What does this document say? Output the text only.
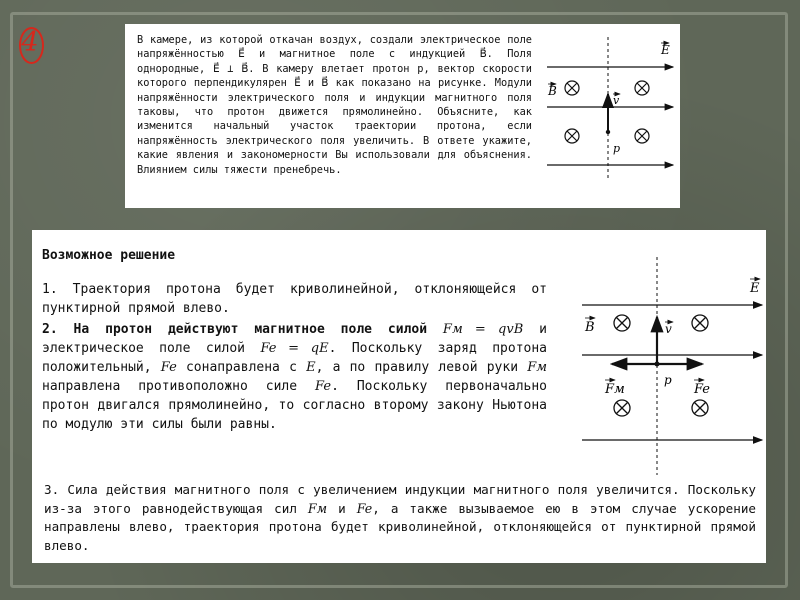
4	В камере, из которой откачан воздух, создали электрическое поле напряжённостью E⃗ и магнитное поле с индукцией B⃗. Поля однородные, E⃗ ⊥ B⃗. В камеру влетает протон p, вектор скорости которого перпендикулярен E⃗ и B⃗ как показано на рисунке. Модули напряжённости электрического поля и индукции магнитного поля таковы, что протон движется прямолинейно. Объясните, как изменится начальный участок траектории протона, если напряжённость электрического поля увеличить. В ответе укажите, какие явления и закономерности Вы использовали для объяснения. Влиянием силы тяжести пренебречь.
E
B
v
p
Возможное решение
1. Траектория протона будет криволинейной, отклоняющейся от пунктирной прямой влево.
2. На протон действуют магнитное поле силой Fм = qvB и электрическое поле силой Fe = qE. Поскольку заряд протона положительный, Fe сонаправлена с E, а по правилу левой руки Fм направлена противоположно силе Fe. Поскольку первоначально протон двигался прямолинейно, то согласно второму закону Ньютона по модулю эти силы были равны.
E
B	v
p
Fм	Fe
3. Сила действия магнитного поля с увеличением индукции магнитного поля увеличится. Поскольку из-за этого равнодействующая сил Fм и Fe, а также вызываемое ею в этом случае ускорение направлены влево, траектория протона будет криволинейной, отклоняющейся от пунктирной прямой влево.
